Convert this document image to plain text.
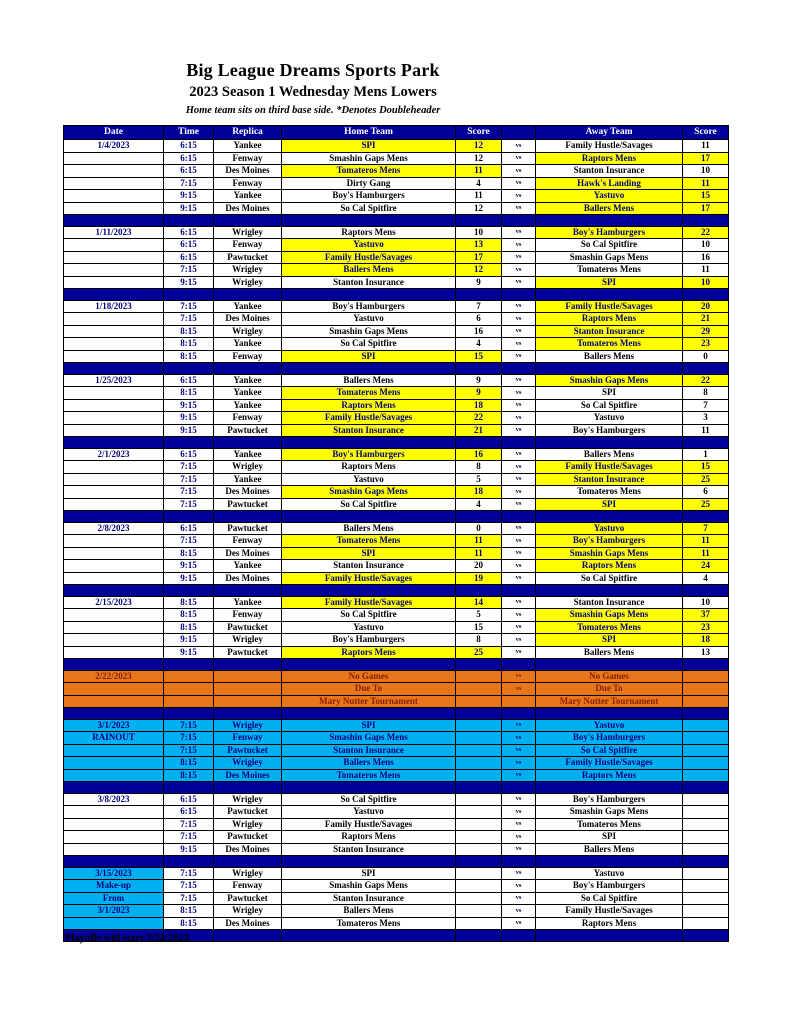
Big League Dreams Sports Park
2023 Season 1 Wednesday Mens Lowers
Home team sits on third base side. *Denotes Doubleheader
Date	Time	Replica	Home Team	Score		Away Team	Score
1/4/2023	6:15	Yankee	SPI	12	vs	Family Hustle/Savages	11
	6:15	Fenway	Smashin Gaps Mens	12	vs	Raptors Mens	17
	6:15	Des Moines	Tomateros Mens	11	vs	Stanton Insurance	10
	7:15	Fenway	Dirty Gang	4	vs	Hawk's Landing	11
	9:15	Yankee	Boy's Hamburgers	11	vs	Yastuvo	15
	9:15	Des Moines	So Cal Spitfire	12	vs	Ballers Mens	17

1/11/2023	6:15	Wrigley	Raptors Mens	10	vs	Boy's Hamburgers	22
	6:15	Fenway	Yastuvo	13	vs	So Cal Spitfire	10
	6:15	Pawtucket	Family Hustle/Savages	17	vs	Smashin Gaps Mens	16
	7:15	Wrigley	Ballers Mens	12	vs	Tomateros Mens	11
	9:15	Wrigley	Stanton Insurance	9	vs	SPI	10

1/18/2023	7:15	Yankee	Boy's Hamburgers	7	vs	Family Hustle/Savages	20
	7:15	Des Moines	Yastuvo	6	vs	Raptors Mens	21
	8:15	Wrigley	Smashin Gaps Mens	16	vs	Stanton Insurance	29
	8:15	Yankee	So Cal Spitfire	4	vs	Tomateros Mens	23
	8:15	Fenway	SPI	15	vs	Ballers Mens	0

1/25/2023	6:15	Yankee	Ballers Mens	9	vs	Smashin Gaps Mens	22
	8:15	Yankee	Tomateros Mens	9	vs	SPI	8
	9:15	Yankee	Raptors Mens	18	vs	So Cal Spitfire	7
	9:15	Fenway	Family Hustle/Savages	22	vs	Yastuvo	3
	9:15	Pawtucket	Stanton Insurance	21	vs	Boy's Hamburgers	11

2/1/2023	6:15	Yankee	Boy's Hamburgers	16	vs	Ballers Mens	1
	7:15	Wrigley	Raptors Mens	8	vs	Family Hustle/Savages	15
	7:15	Yankee	Yastuvo	5	vs	Stanton Insurance	25
	7:15	Des Moines	Smashin Gaps Mens	18	vs	Tomateros Mens	6
	7:15	Pawtucket	So Cal Spitfire	4	vs	SPI	25

2/8/2023	6:15	Pawtucket	Ballers Mens	0	vs	Yastuvo	7
	7:15	Fenway	Tomateros Mens	11	vs	Boy's Hamburgers	11
	8:15	Des Moines	SPI	11	vs	Smashin Gaps Mens	11
	9:15	Yankee	Stanton Insurance	20	vs	Raptors Mens	24
	9:15	Des Moines	Family Hustle/Savages	19	vs	So Cal Spitfire	4

2/15/2023	8:15	Yankee	Family Hustle/Savages	14	vs	Stanton Insurance	10
	8:15	Fenway	So Cal Spitfire	5	vs	Smashin Gaps Mens	37
	8:15	Pawtucket	Yastuvo	15	vs	Tomateros Mens	23
	9:15	Wrigley	Boy's Hamburgers	8	vs	SPI	18
	9:15	Pawtucket	Raptors Mens	25	vs	Ballers Mens	13

2/22/2023			No Games		vs	No Games	
			Due To		vs	Due To	
			Mary Nutter Tournament			Mary Nutter Tournament	

3/1/2023	7:15	Wrigley	SPI		vs	Yastuvo	
RAINOUT	7:15	Fenway	Smashin Gaps Mens		vs	Boy's Hamburgers	
	7:15	Pawtucket	Stanton Insurance		vs	So Cal Spitfire	
	8:15	Wrigley	Ballers Mens		vs	Family Hustle/Savages	
	8:15	Des Moines	Tomateros Mens		vs	Raptors Mens	

3/8/2023	6:15	Wrigley	So Cal Spitfire		vs	Boy's Hamburgers	
	6:15	Pawtucket	Yastuvo		vs	Smashin Gaps Mens	
	7:15	Wrigley	Family Hustle/Savages		vs	Tomateros Mens	
	7:15	Pawtucket	Raptors Mens		vs	SPI	
	9:15	Des Moines	Stanton Insurance		vs	Ballers Mens	

3/15/2023	7:15	Wrigley	SPI		vs	Yastuvo	
Make-up	7:15	Fenway	Smashin Gaps Mens		vs	Boy's Hamburgers	
From	7:15	Pawtucket	Stanton Insurance		vs	So Cal Spitfire	
3/1/2023	8:15	Wrigley	Ballers Mens		vs	Family Hustle/Savages	
	8:15	Des Moines	Tomateros Mens		vs	Raptors Mens	

Playoffs will start 3/22/2023
